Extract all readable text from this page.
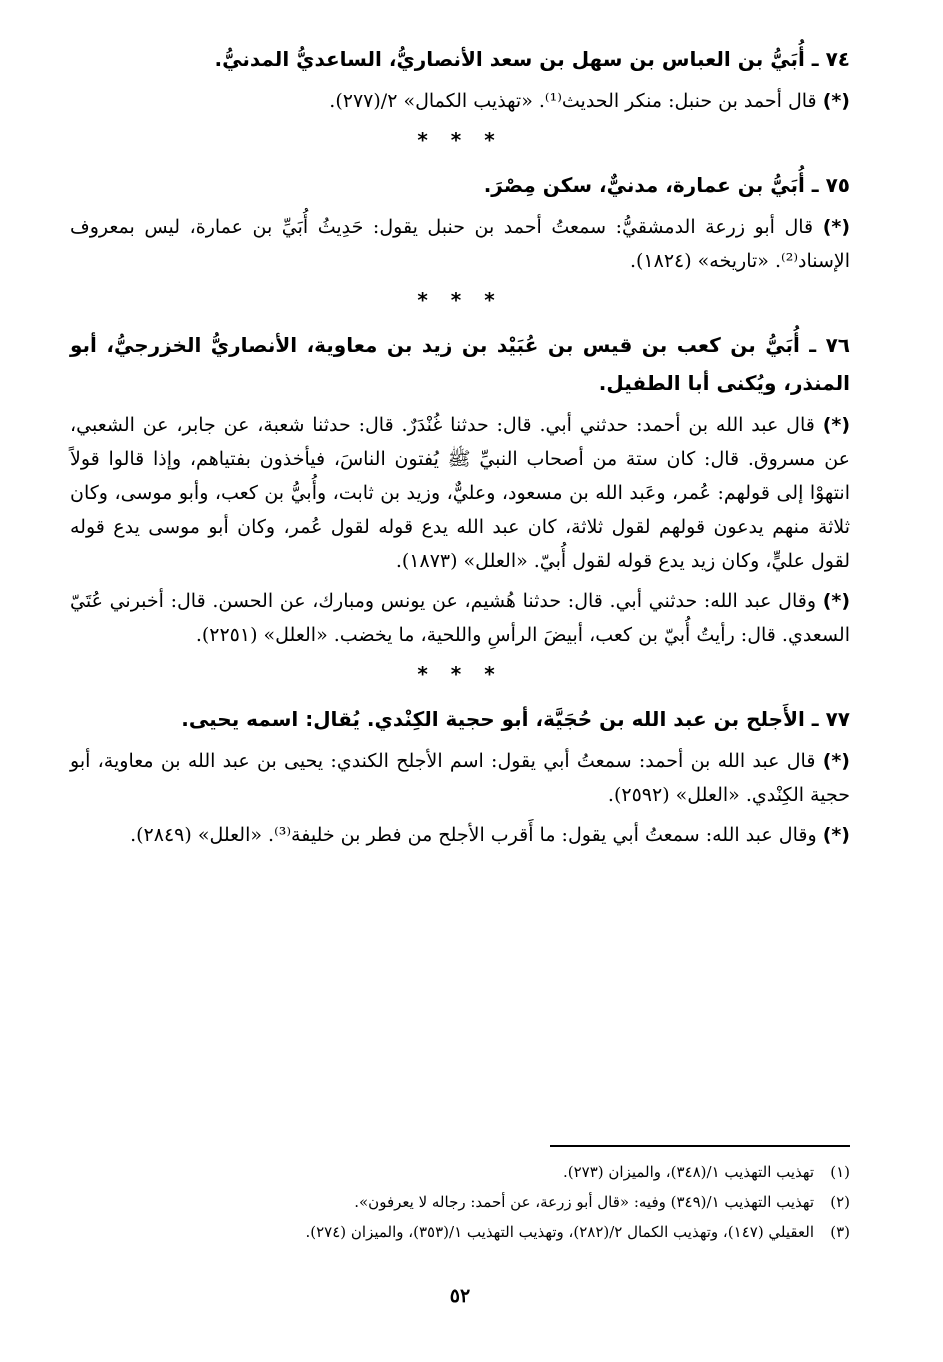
٧٤ ـ أُبَيُّ بن العباس بن سهل بن سعد الأنصاريُّ، الساعديُّ المدنيُّ.

(*) قال أحمد بن حنبل: منكر الحديث⁽¹⁾. «تهذيب الكمال» ٢/(٢٧٧).

* * *

٧٥ ـ أُبَيُّ بن عمارة، مدنيٌّ، سكن مِصْرَ.

(*) قال أبو زرعة الدمشقيُّ: سمعتُ أحمد بن حنبل يقول: حَدِيثُ أُبَيِّ بن عمارة، ليس بمعروف الإسناد⁽²⁾. «تاريخه» (١٨٢٤).

* * *

٧٦ ـ أُبَيُّ بن كعب بن قيس بن عُبَيْد بن زيد بن معاوية، الأنصاريُّ الخزرجيُّ، أبو المنذر، ويُكنى أبا الطفيل.

(*) قال عبد الله بن أحمد: حدثني أبي. قال: حدثنا غُنْدَرٌ. قال: حدثنا شعبة، عن جابر، عن الشعبي، عن مسروق. قال: كان ستة من أصحاب النبيِّ ﷺ يُفتون الناسَ، فيأخذون بفتياهم، وإذا قالوا قولاً انتهوْا إلى قولهم: عُمر، وعَبد الله بن مسعود، وعليٌّ، وزيد بن ثابت، وأُبيُّ بن كعب، وأبو موسى، وكان ثلاثة منهم يدعون قولهم لقول ثلاثة، كان عبد الله يدع قوله لقول عُمر، وكان أبو موسى يدع قوله لقول عليٍّ، وكان زيد يدع قوله لقول أُبيّ. «العلل» (١٨٧٣).

(*) وقال عبد الله: حدثني أبي. قال: حدثنا هُشيم، عن يونس ومبارك، عن الحسن. قال: أخبرني عُتَيّ السعدي. قال: رأيتُ أُبيّ بن كعب، أبيضَ الرأسِ واللحية، ما يخضب. «العلل» (٢٢٥١).

* * *

٧٧ ـ الأَجلح بن عبد الله بن حُجَيَّة، أبو حجية الكِنْدي. يُقال: اسمه يحيى.

(*) قال عبد الله بن أحمد: سمعتُ أبي يقول: اسم الأجلح الكندي: يحيى بن عبد الله بن معاوية، أبو حجية الكِنْدي. «العلل» (٢٥٩٢).

(*) وقال عبد الله: سمعتُ أبي يقول: ما أَقرب الأجلح من فطر بن خليفة⁽³⁾. «العلل» (٢٨٤٩).

(١)
تهذيب التهذيب ١/(٣٤٨)، والميزان (٢٧٣).
(٢)
تهذيب التهذيب ١/(٣٤٩) وفيه: «قال أبو زرعة، عن أحمد: رجاله لا يعرفون».
(٣)
العقيلي (١٤٧)، وتهذيب الكمال ٢/(٢٨٢)، وتهذيب التهذيب ١/(٣٥٣)، والميزان (٢٧٤).
٥٢
